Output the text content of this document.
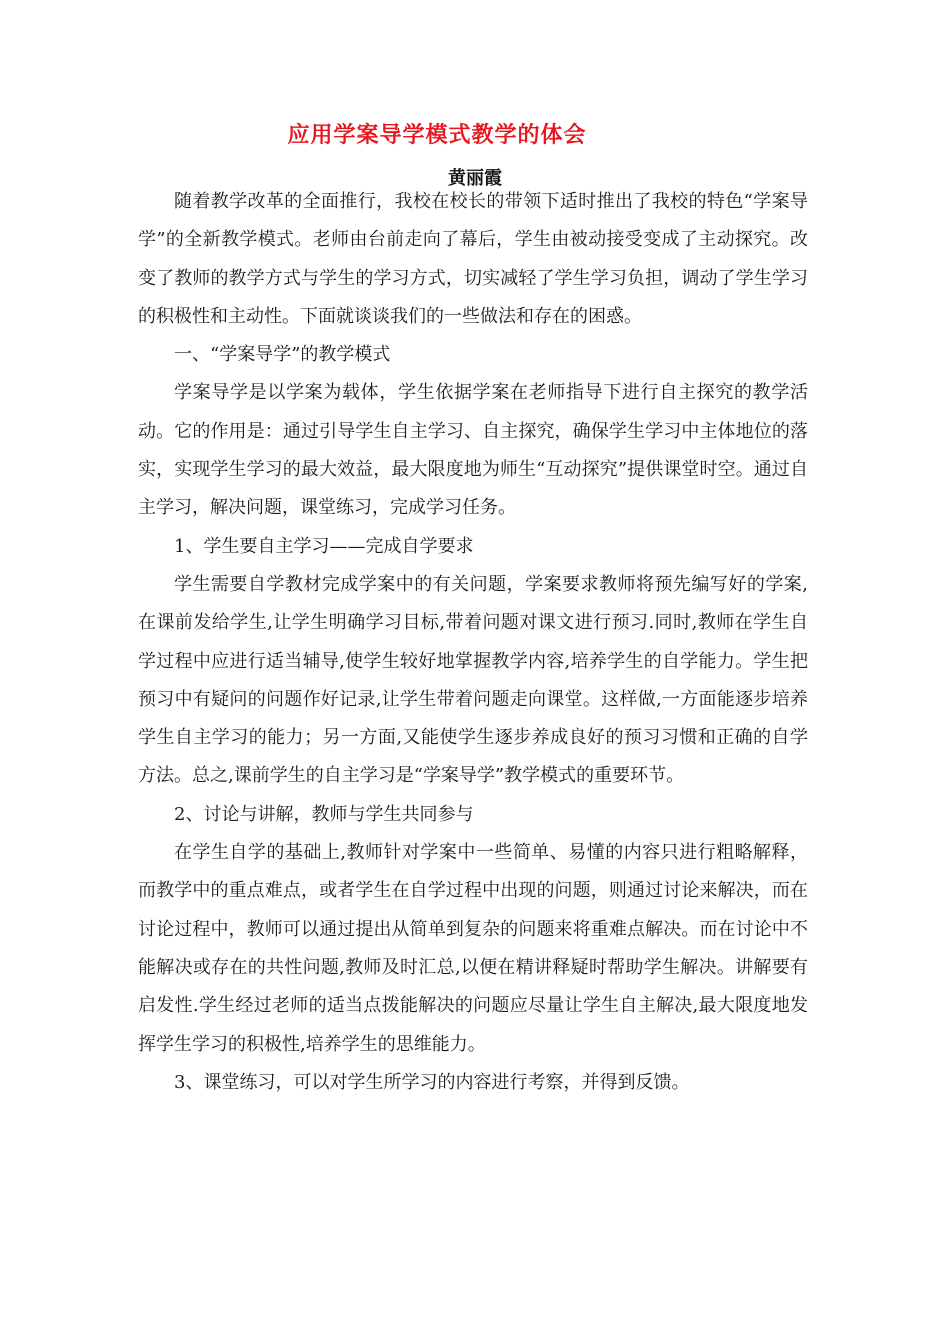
应用学案导学模式教学的体会
黄丽霞

随着教学改革的全面推行，我校在校长的带领下适时推出了我校的特色“学案导学”的全新教学模式。老师由台前走向了幕后，学生由被动接受变成了主动探究。改变了教师的教学方式与学生的学习方式，切实减轻了学生学习负担，调动了学生学习的积极性和主动性。下面就谈谈我们的一些做法和存在的困惑。

一、“学案导学”的教学模式

学案导学是以学案为载体，学生依据学案在老师指导下进行自主探究的教学活动。它的作用是：通过引导学生自主学习、自主探究，确保学生学习中主体地位的落实，实现学生学习的最大效益，最大限度地为师生“互动探究”提供课堂时空。通过自主学习，解决问题，课堂练习，完成学习任务。

1、学生要自主学习——完成自学要求

学生需要自学教材完成学案中的有关问题，学案要求教师将预先编写好的学案,在课前发给学生,让学生明确学习目标,带着问题对课文进行预习.同时,教师在学生自学过程中应进行适当辅导,使学生较好地掌握教学内容,培养学生的自学能力。学生把预习中有疑问的问题作好记录,让学生带着问题走向课堂。这样做,一方面能逐步培养学生自主学习的能力；另一方面,又能使学生逐步养成良好的预习习惯和正确的自学方法。总之,课前学生的自主学习是“学案导学”教学模式的重要环节。

2、讨论与讲解，教师与学生共同参与

在学生自学的基础上,教师针对学案中一些简单、易懂的内容只进行粗略解释，而教学中的重点难点，或者学生在自学过程中出现的问题，则通过讨论来解决，而在讨论过程中，教师可以通过提出从简单到复杂的问题来将重难点解决。而在讨论中不能解决或存在的共性问题,教师及时汇总,以便在精讲释疑时帮助学生解决。讲解要有启发性.学生经过老师的适当点拨能解决的问题应尽量让学生自主解决,最大限度地发挥学生学习的积极性,培养学生的思维能力。

3、课堂练习，可以对学生所学习的内容进行考察，并得到反馈。
